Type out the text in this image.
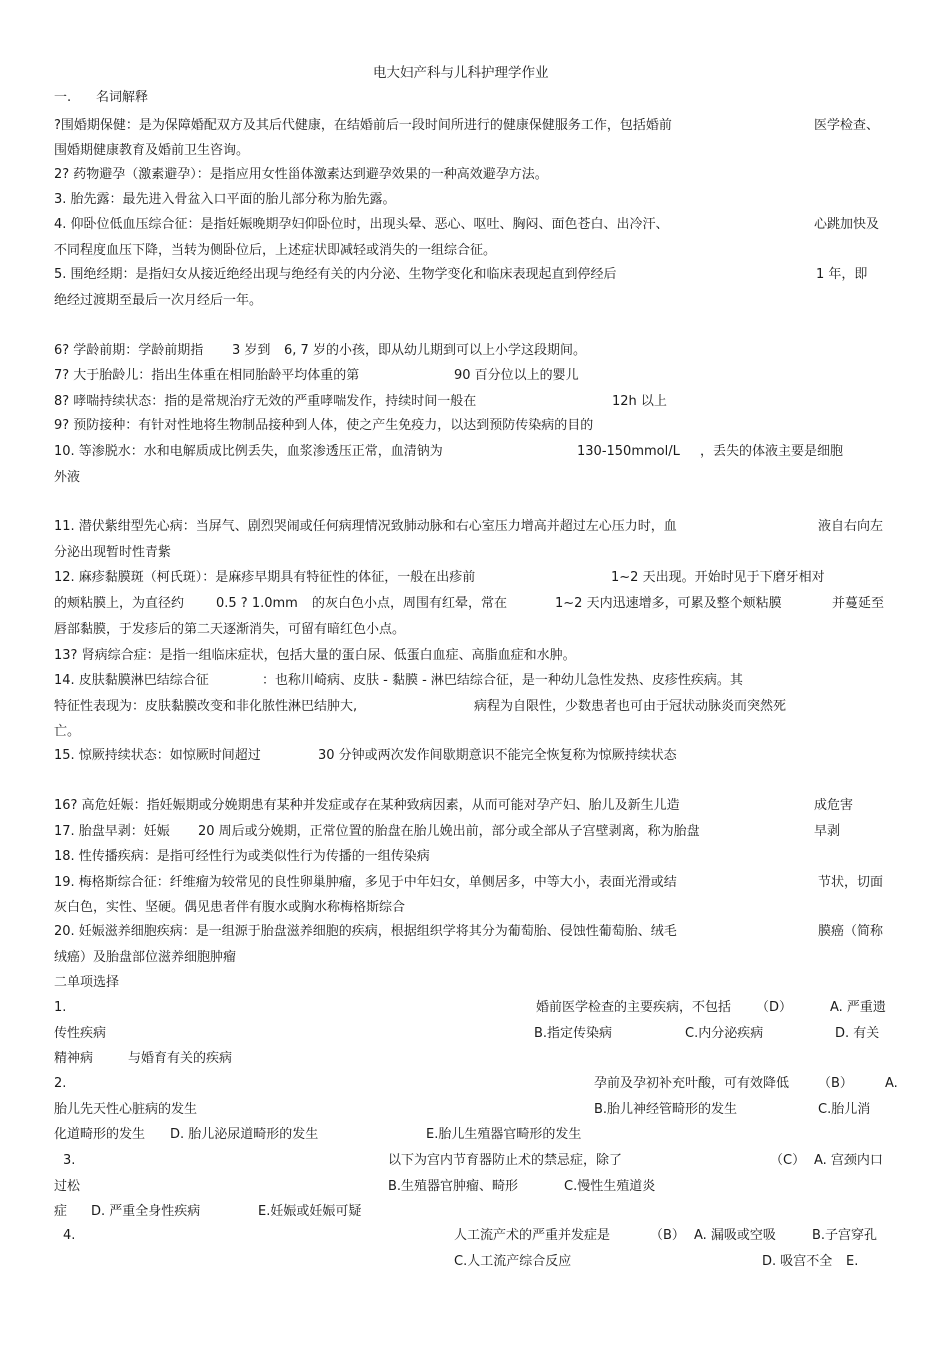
电大妇产科与儿科护理学作业
一. 名词解释
?围婚期保健：是为保障婚配双方及其后代健康，在结婚前后一段时间所进行的健康保健服务工作，包括婚前	医学检查、
围婚期健康教育及婚前卫生咨询。
2? 药物避孕（激素避孕）：是指应用女性甾体激素达到避孕效果的一种高效避孕方法。
3. 胎先露：最先进入骨盆入口平面的胎儿部分称为胎先露。
4. 仰卧位低血压综合征：是指妊娠晚期孕妇仰卧位时，出现头晕、恶心、呕吐、胸闷、面色苍白、出冷汗、	心跳加快及
不同程度血压下降，当转为侧卧位后，上述症状即减轻或消失的一组综合征。
5. 围绝经期：是指妇女从接近绝经出现与绝经有关的内分泌、生物学变化和临床表现起直到停经后	1 年，即
绝经过渡期至最后一次月经后一年。
6? 学龄前期：学龄前期指 3 岁到 6, 7 岁的小孩，即从幼儿期到可以上小学这段期间。
7? 大于胎龄儿：指出生体重在相同胎龄平均体重的第	90 百分位以上的婴儿
8? 哮喘持续状态：指的是常规治疗无效的严重哮喘发作，持续时间一般在	12h 以上
9? 预防接种：有针对性地将生物制品接种到人体，使之产生免疫力，以达到预防传染病的目的
10. 等渗脱水：水和电解质成比例丢失，血浆渗透压正常，血清钠为	130-150mmol/L ，丢失的体液主要是细胞
外液
11. 潜伏紫绀型先心病：当屏气、剧烈哭闹或任何病理情况致肺动脉和右心室压力增高并超过左心压力时，血	液自右向左
分泌出现暂时性青紫
12. 麻疹黏膜斑（柯氏斑）：是麻疹早期具有特征性的体征，一般在出疹前	1~2 天出现。开始时见于下磨牙相对
的颊粘膜上，为直径约 0.5 ? 1.0mm 的灰白色小点，周围有红晕，常在	1~2 天内迅速增多，可累及整个颊粘膜	并蔓延至
唇部黏膜，于发疹后的第二天逐渐消失，可留有暗红色小点。
13? 肾病综合症：是指一组临床症状，包括大量的蛋白尿、低蛋白血症、高脂血症和水肿。
14. 皮肤黏膜淋巴结综合征	：也称川崎病、皮肤 - 黏膜 - 淋巴结综合征，是一种幼儿急性发热、皮疹性疾病。其
特征性表现为：皮肤黏膜改变和非化脓性淋巴结肿大,	病程为自限性，少数患者也可由于冠状动脉炎而突然死
亡。
15. 惊厥持续状态：如惊厥时间超过	30 分钟或两次发作间歇期意识不能完全恢复称为惊厥持续状态
16? 高危妊娠：指妊娠期或分娩期患有某种并发症或存在某种致病因素，从而可能对孕产妇、胎儿及新生儿造	成危害
17. 胎盘早剥：妊娠 20 周后或分娩期，正常位置的胎盘在胎儿娩出前，部分或全部从子宫壁剥离，称为胎盘	早剥
18. 性传播疾病：是指可经性行为或类似性行为传播的一组传染病
19. 梅格斯综合征：纤维瘤为较常见的良性卵巢肿瘤，多见于中年妇女，单侧居多，中等大小，表面光滑或结	节状，切面
灰白色，实性、坚硬。偶见患者伴有腹水或胸水称梅格斯综合
20. 妊娠滋养细胞疾病：是一组源于胎盘滋养细胞的疾病，根据组织学将其分为葡萄胎、侵蚀性葡萄胎、绒毛	膜癌（简称
绒癌）及胎盘部位滋养细胞肿瘤
二单项选择
1.	婚前医学检查的主要疾病，不包括 （D）	A. 严重遗
传性疾病	B.指定传染病	C.内分泌疾病	D. 有关
精神病	与婚育有关的疾病
2.	孕前及孕初补充叶酸，可有效降低 （B） A.
胎儿先天性心脏病的发生	B.胎儿神经管畸形的发生	C.胎儿消
化道畸形的发生 D. 胎儿泌尿道畸形的发生	E.胎儿生殖器官畸形的发生
3.	以下为宫内节育器防止术的禁忌症，除了	（C） A. 宫颈内口
过松	B.生殖器官肿瘤、畸形	C.慢性生殖道炎
症 D. 严重全身性疾病	E.妊娠或妊娠可疑
4.	人工流产术的严重并发症是	（B） A. 漏吸或空吸	B.子宫穿孔
C.人工流产综合反应	D. 吸宫不全 E.
